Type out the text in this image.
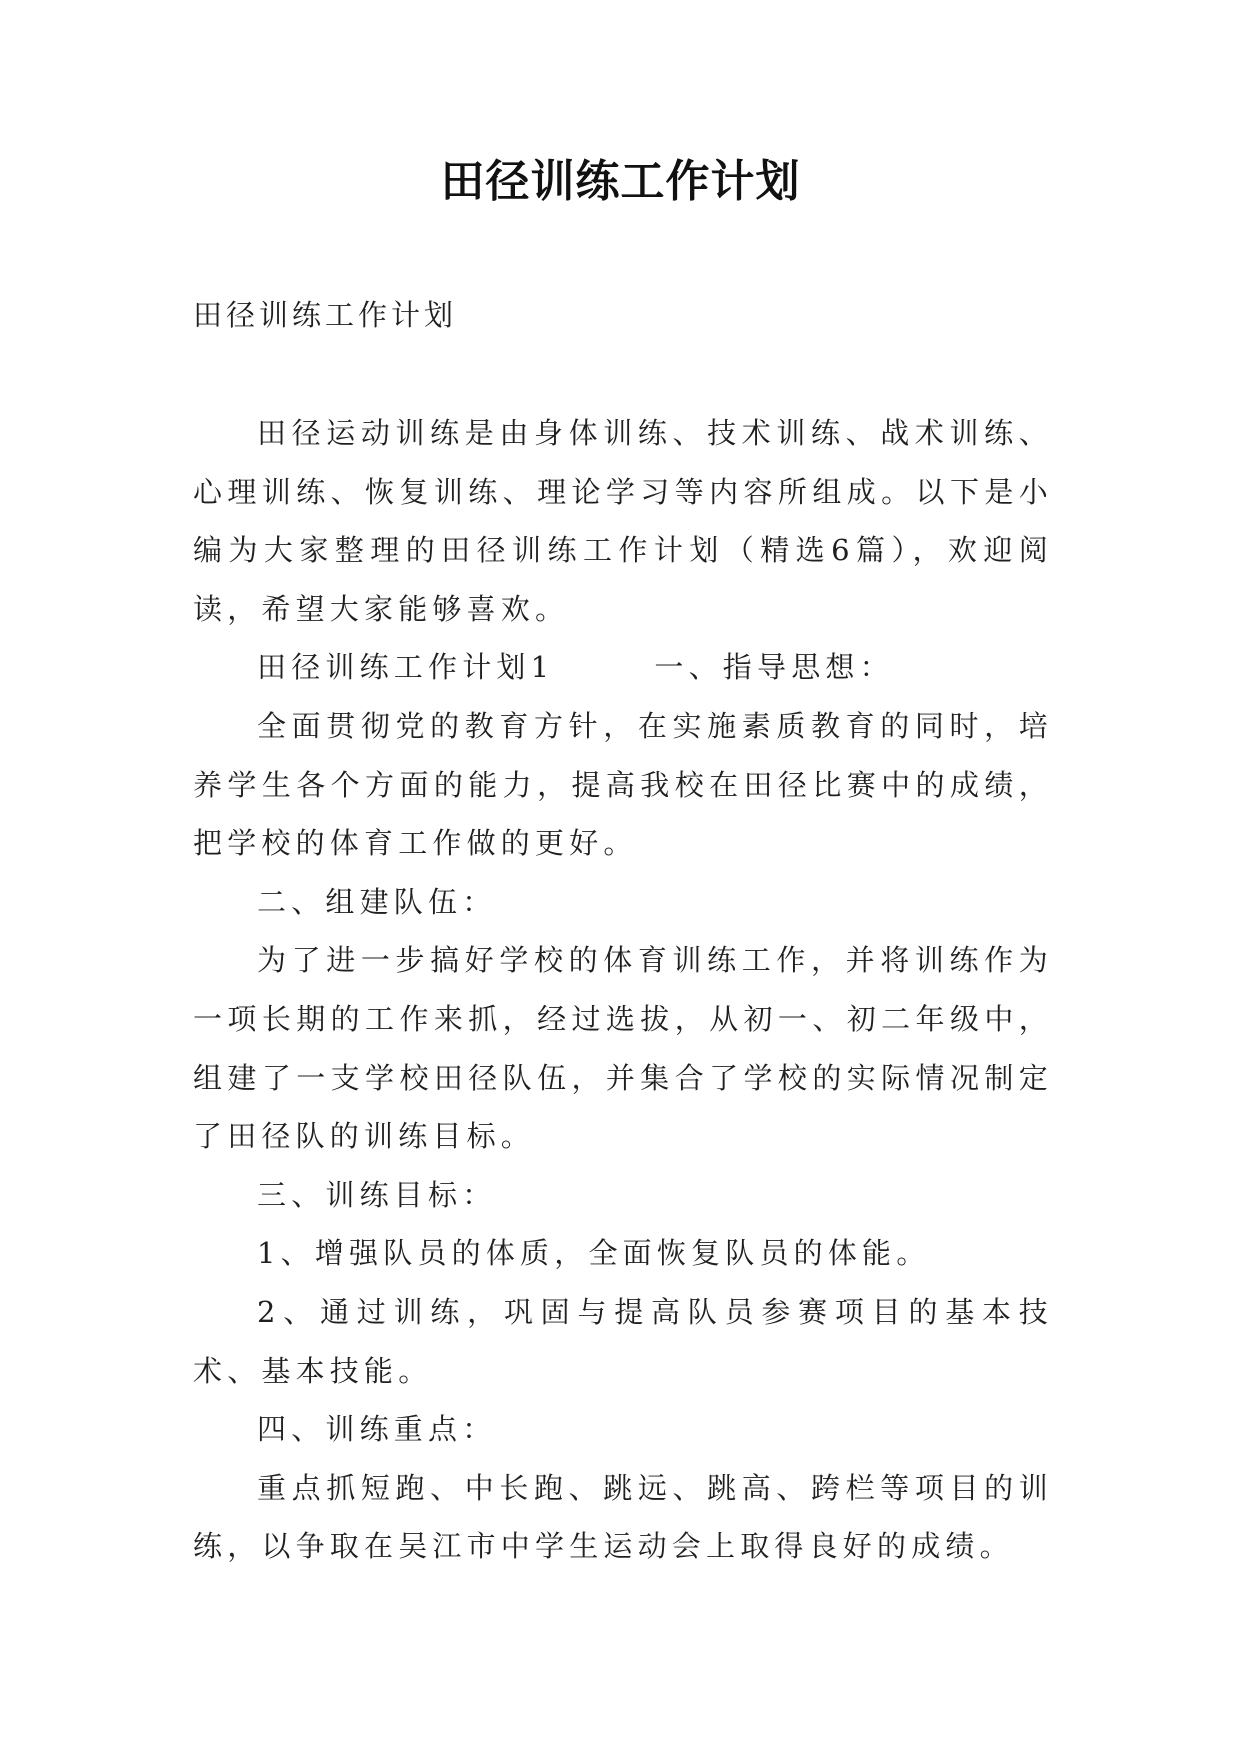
田径训练工作计划
田径训练工作计划

田径运动训练是由身体训练、技术训练、战术训练、心理训练、恢复训练、理论学习等内容所组成。以下是小编为大家整理的田径训练工作计划（精选6篇），欢迎阅读，希望大家能够喜欢。

田径训练工作计划1	一、指导思想：

全面贯彻党的教育方针，在实施素质教育的同时，培养学生各个方面的能力，提高我校在田径比赛中的成绩，把学校的体育工作做的更好。

二、组建队伍：

为了进一步搞好学校的体育训练工作，并将训练作为一项长期的工作来抓，经过选拔，从初一、初二年级中，组建了一支学校田径队伍，并集合了学校的实际情况制定了田径队的训练目标。

三、训练目标：

1、增强队员的体质，全面恢复队员的体能。

2、通过训练，巩固与提高队员参赛项目的基本技术、基本技能。

四、训练重点：

重点抓短跑、中长跑、跳远、跳高、跨栏等项目的训练，以争取在吴江市中学生运动会上取得良好的成绩。
